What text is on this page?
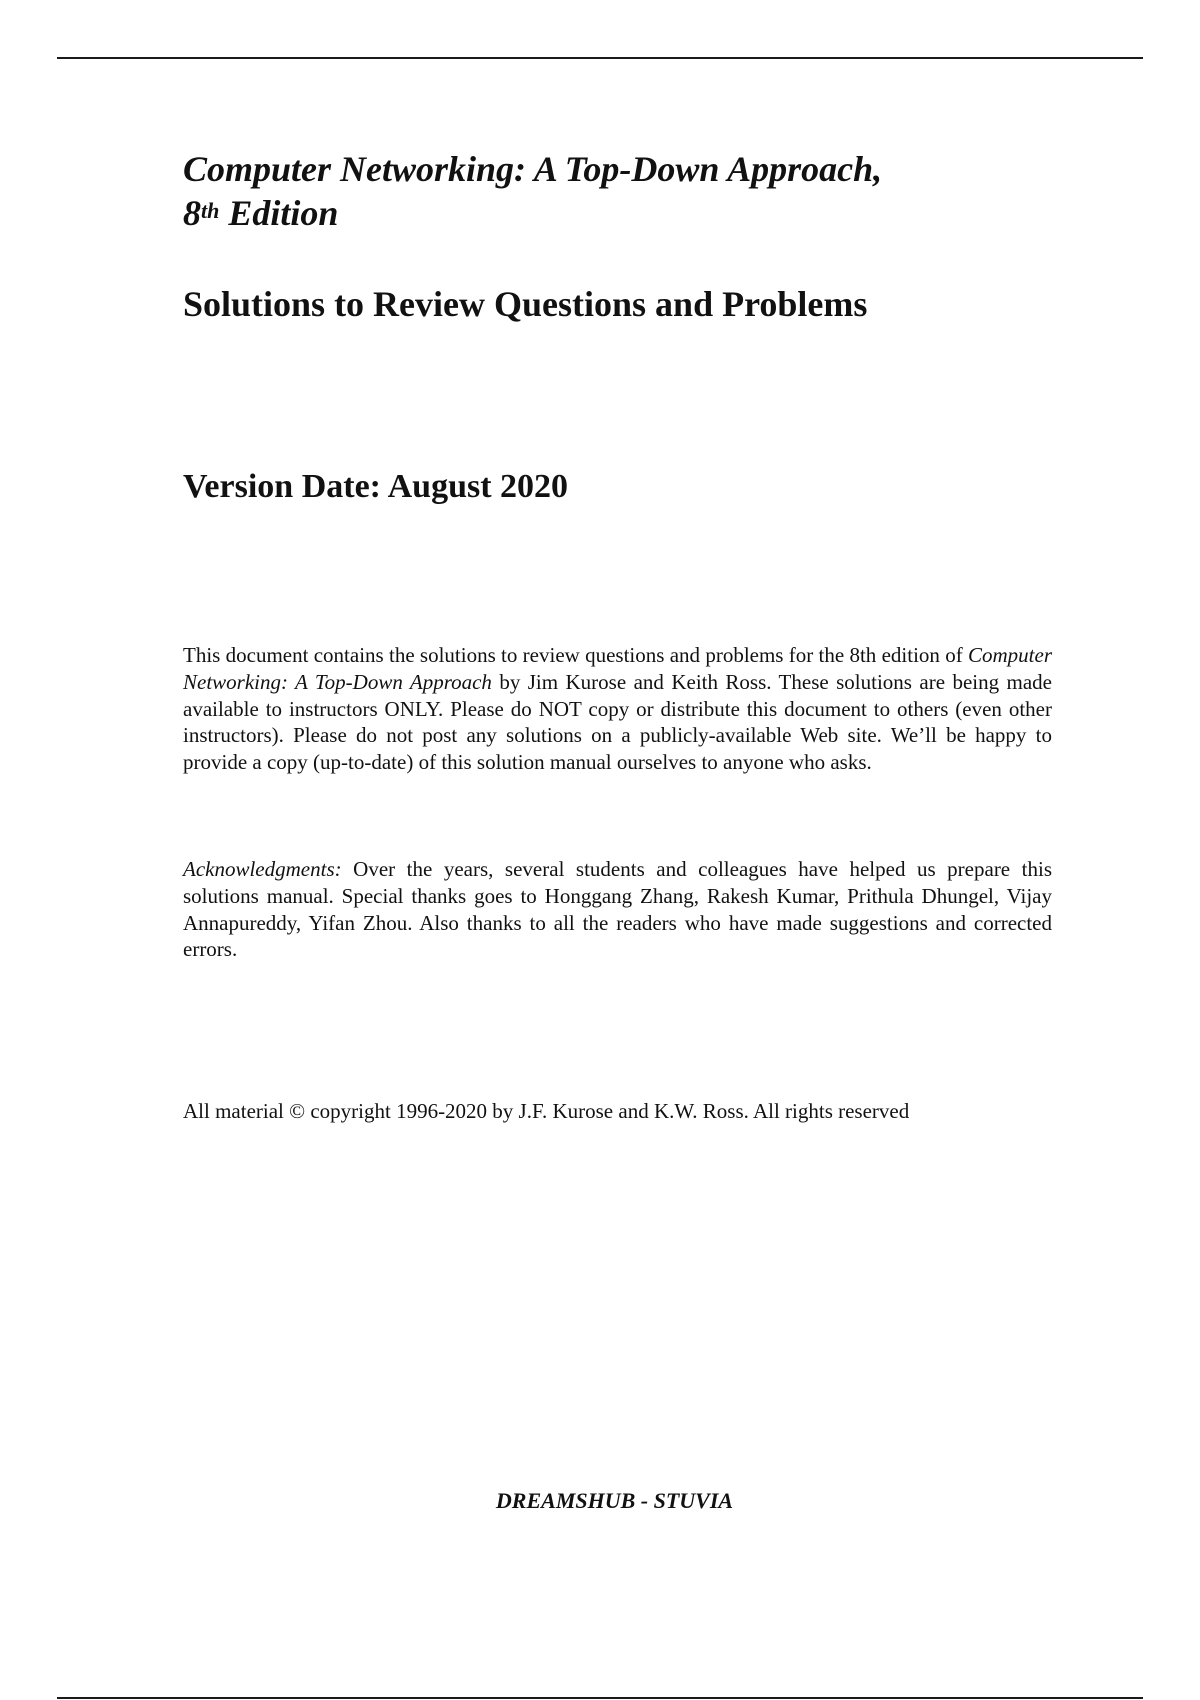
Computer Networking: A Top-Down Approach,
8th Edition
Solutions to Review Questions and Problems
Version Date: August 2020

This document contains the solutions to review questions and problems for the 8th edition of Computer Networking: A Top-Down Approach by Jim Kurose and Keith Ross. These solutions are being made available to instructors ONLY. Please do NOT copy or distribute this document to others (even other instructors). Please do not post any solutions on a publicly-available Web site. We’ll be happy to provide a copy (up-to-date) of this solution manual ourselves to anyone who asks.

Acknowledgments: Over the years, several students and colleagues have helped us prepare this solutions manual. Special thanks goes to Honggang Zhang, Rakesh Kumar, Prithula Dhungel, Vijay Annapureddy, Yifan Zhou. Also thanks to all the readers who have made suggestions and corrected errors.

All material © copyright 1996-2020 by J.F. Kurose and K.W. Ross. All rights reserved

DREAMSHUB - STUVIA
